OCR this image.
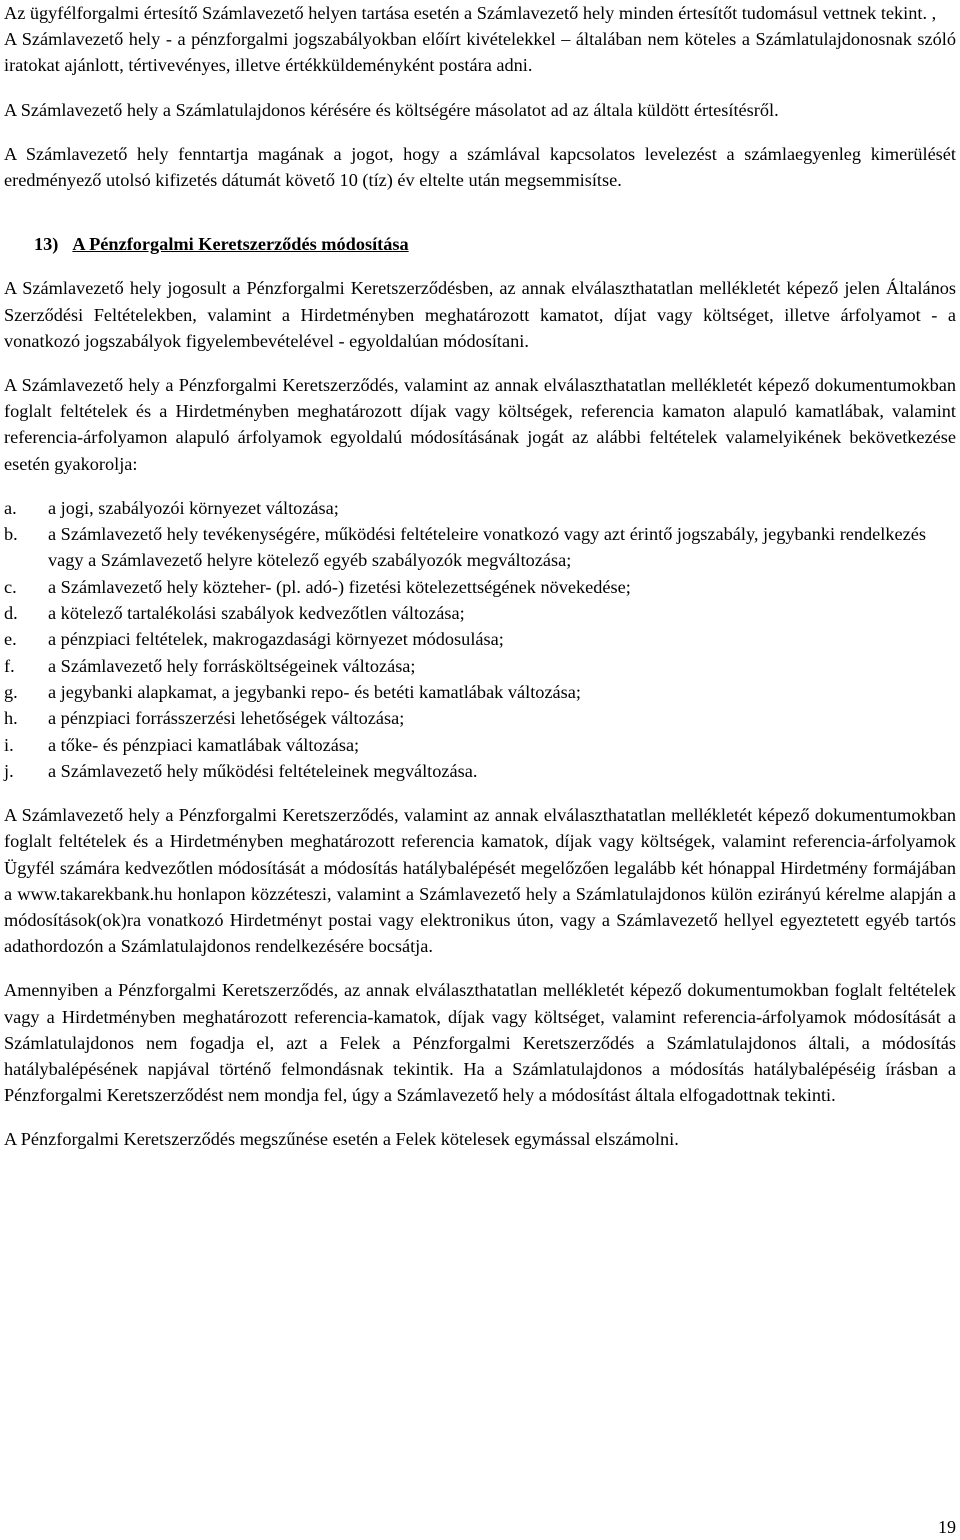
Az ügyfélforgalmi értesítő Számlavezető helyen tartása esetén a Számlavezető hely minden értesítőt tudomásul vettnek tekint. ,

A Számlavezető hely - a pénzforgalmi jogszabályokban előírt kivételekkel – általában nem köteles a Számlatulajdonosnak szóló iratokat ajánlott, tértivevényes, illetve értékküldeményként postára adni.

A Számlavezető hely a Számlatulajdonos kérésére és költségére másolatot ad az általa küldött értesítésről.

A Számlavezető hely fenntartja magának a jogot, hogy a számlával kapcsolatos levelezést a számlaegyenleg kimerülését eredményező utolsó kifizetés dátumát követő 10 (tíz) év eltelte után megsemmisítse.

13) A Pénzforgalmi Keretszerződés módosítása

A Számlavezető hely jogosult a Pénzforgalmi Keretszerződésben, az annak elválaszthatatlan mellékletét képező jelen Általános Szerződési Feltételekben, valamint a Hirdetményben meghatározott kamatot, díjat vagy költséget, illetve árfolyamot - a vonatkozó jogszabályok figyelembevételével - egyoldalúan módosítani.

A Számlavezető hely a Pénzforgalmi Keretszerződés, valamint az annak elválaszthatatlan mellékletét képező dokumentumokban foglalt feltételek és a Hirdetményben meghatározott díjak vagy költségek, referencia kamaton alapuló kamatlábak, valamint referencia-árfolyamon alapuló árfolyamok egyoldalú módosításának jogát az alábbi feltételek valamelyikének bekövetkezése esetén gyakorolja:

a.	a jogi, szabályozói környezet változása;
b.	a Számlavezető hely tevékenységére, működési feltételeire vonatkozó vagy azt érintő jogszabály, jegybanki rendelkezés vagy a Számlavezető helyre kötelező egyéb szabályozók megváltozása;
c.	a Számlavezető hely közteher- (pl. adó-) fizetési kötelezettségének növekedése;
d.	a kötelező tartalékolási szabályok kedvezőtlen változása;
e.	a pénzpiaci feltételek, makrogazdasági környezet módosulása;
f.	a Számlavezető hely forrásköltségeinek változása;
g.	a jegybanki alapkamat, a jegybanki repo- és betéti kamatlábak változása;
h.	a pénzpiaci forrásszerzési lehetőségek változása;
i.	a tőke- és pénzpiaci kamatlábak változása;
j.	a Számlavezető hely működési feltételeinek megváltozása.

A Számlavezető hely a Pénzforgalmi Keretszerződés, valamint az annak elválaszthatatlan mellékletét képező dokumentumokban foglalt feltételek és a Hirdetményben meghatározott referencia kamatok, díjak vagy költségek, valamint referencia-árfolyamok Ügyfél számára kedvezőtlen módosítását a módosítás hatálybalépését megelőzően legalább két hónappal Hirdetmény formájában a www.takarekbank.hu honlapon közzéteszi, valamint a Számlavezető hely a Számlatulajdonos külön ezirányú kérelme alapján a módosítások(ok)ra vonatkozó Hirdetményt postai vagy elektronikus úton, vagy a Számlavezető hellyel egyeztetett egyéb tartós adathordozón a Számlatulajdonos rendelkezésére bocsátja.

Amennyiben a Pénzforgalmi Keretszerződés, az annak elválaszthatatlan mellékletét képező dokumentumokban foglalt feltételek vagy a Hirdetményben meghatározott referencia-kamatok, díjak vagy költséget, valamint referencia-árfolyamok módosítását a Számlatulajdonos nem fogadja el, azt a Felek a Pénzforgalmi Keretszerződés a Számlatulajdonos általi, a módosítás hatálybalépésének napjával történő felmondásnak tekintik. Ha a Számlatulajdonos a módosítás hatálybalépéséig írásban a Pénzforgalmi Keretszerződést nem mondja fel, úgy a Számlavezető hely a módosítást általa elfogadottnak tekinti.

A Pénzforgalmi Keretszerződés megszűnése esetén a Felek kötelesek egymással elszámolni.

19
